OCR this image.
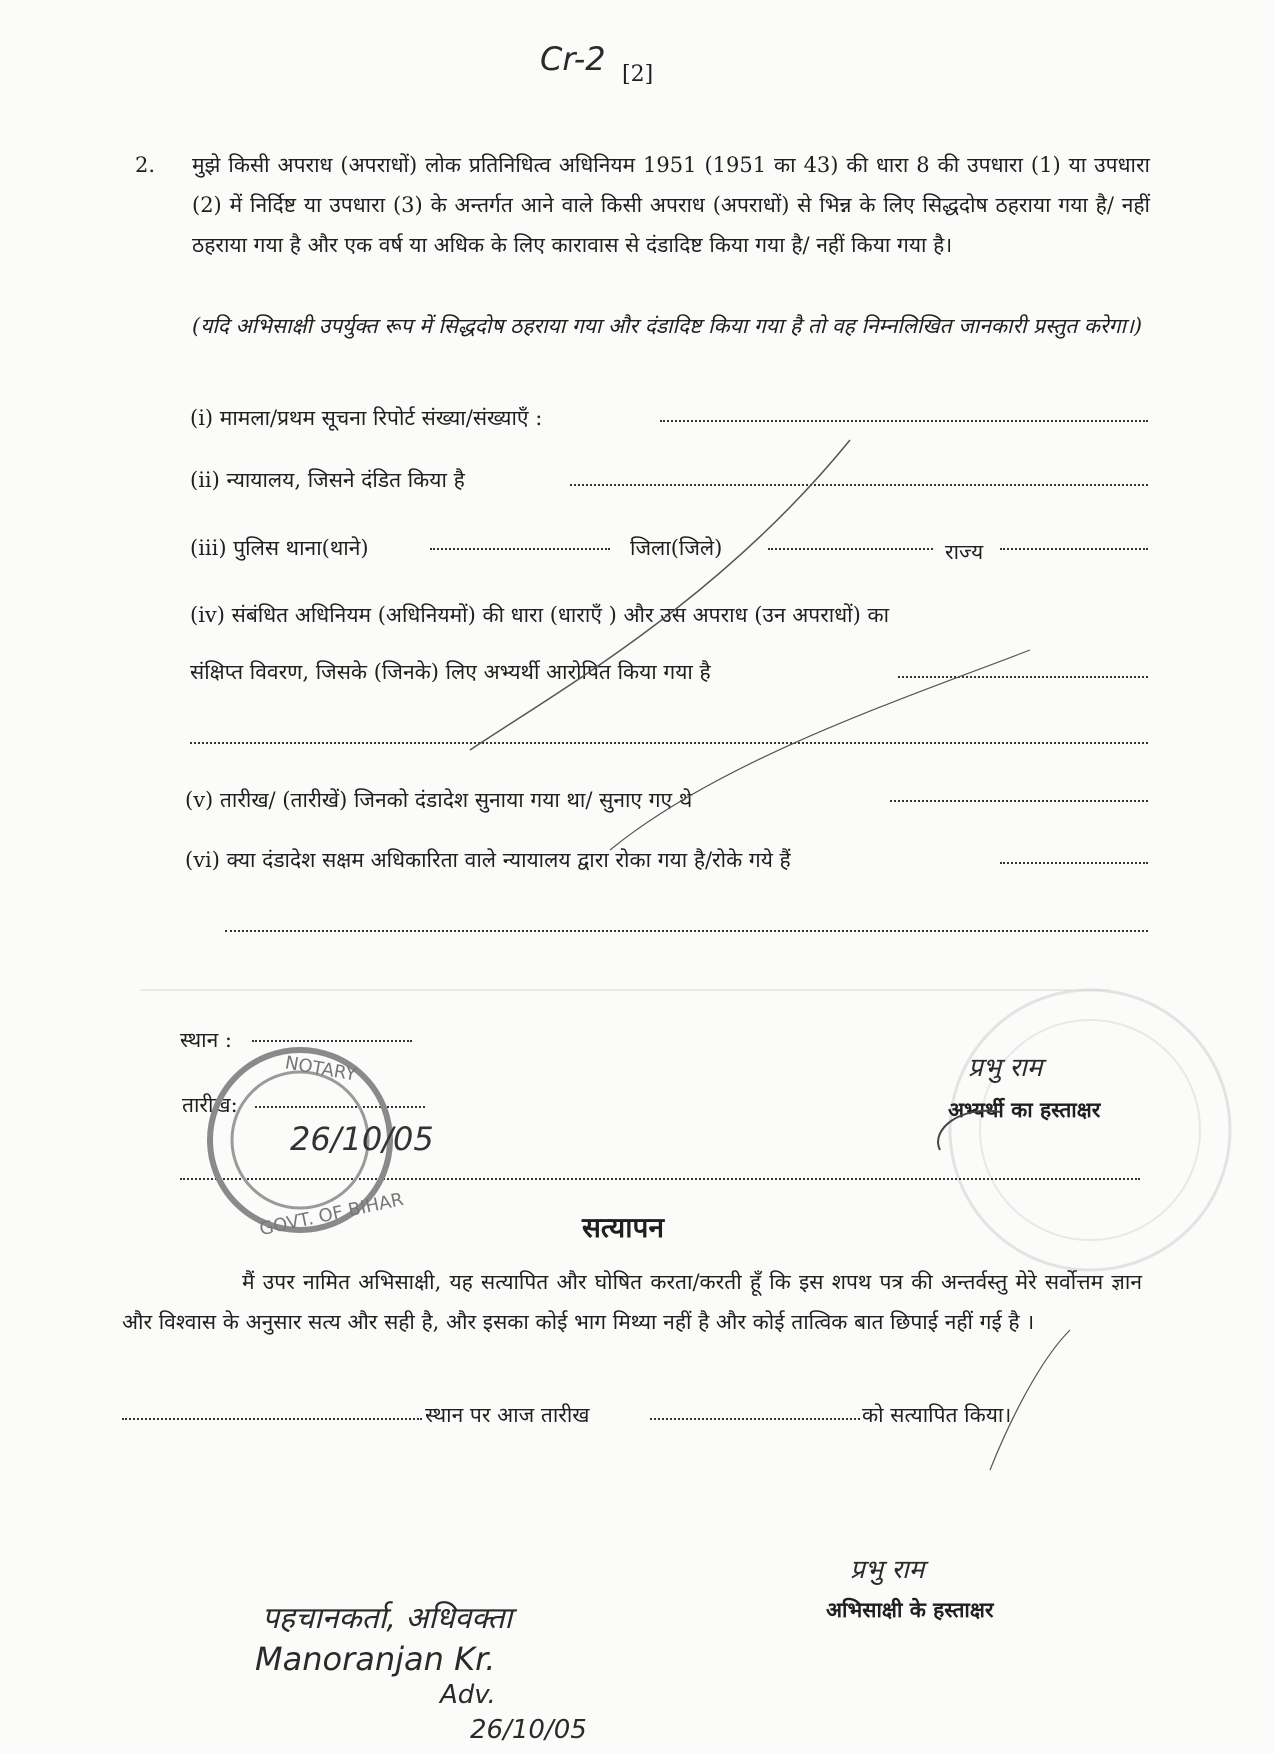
Cr-2 [2]
2. मुझे किसी अपराध (अपराधों) लोक प्रतिनिधित्व अधिनियम 1951 (1951 का 43) की धारा 8 की उपधारा (1) या उपधारा (2) में निर्दिष्ट या उपधारा (3) के अन्तर्गत आने वाले किसी अपराध (अपराधों) से भिन्न के लिए सिद्धदोष ठहराया गया है/ नहीं ठहराया गया है और एक वर्ष या अधिक के लिए कारावास से दंडादिष्ट किया गया है/ नहीं किया गया है।
(यदि अभिसाक्षी उपर्युक्त रूप में सिद्धदोष ठहराया गया और दंडादिष्ट किया गया है तो वह निम्नलिखित जानकारी प्रस्तुत करेगा।)
(i) मामला/प्रथम सूचना रिपोर्ट संख्या/संख्याएँ :
(ii) न्यायालय, जिसने दंडित किया है
(iii) पुलिस थाना(थाने)	जिला(जिले)	राज्य
(iv) संबंधित अधिनियम (अधिनियमों) की धारा (धाराएँ ) और उस अपराध (उन अपराधों) का
संक्षिप्त विवरण, जिसके (जिनके) लिए अभ्यर्थी आरोपित किया गया है
(v) तारीख/ (तारीखें) जिनको दंडादेश सुनाया गया था/ सुनाए गए थे
(vi) क्या दंडादेश सक्षम अधिकारिता वाले न्यायालय द्वारा रोका गया है/रोके गये हैं
स्थान :
तारीख:
प्रभु राम
अभ्यर्थी का हस्ताक्षर
NOTARY
GOVT. OF BIHAR
26/10/05
सत्यापन
मैं उपर नामित अभिसाक्षी, यह सत्यापित और घोषित करता/करती हूँ कि इस शपथ पत्र की अन्तर्वस्तु मेरे सर्वोत्तम ज्ञान और विश्वास के अनुसार सत्य और सही है, और इसका कोई भाग मिथ्या नहीं है और कोई तात्विक बात छिपाई नहीं गई है ।
स्थान पर आज तारीख	को सत्यापित किया।
प्रभु राम
अभिसाक्षी के हस्ताक्षर
पहचानकर्ता, अधिवक्ता
Manoranjan Kr.
Adv.
26/10/05
